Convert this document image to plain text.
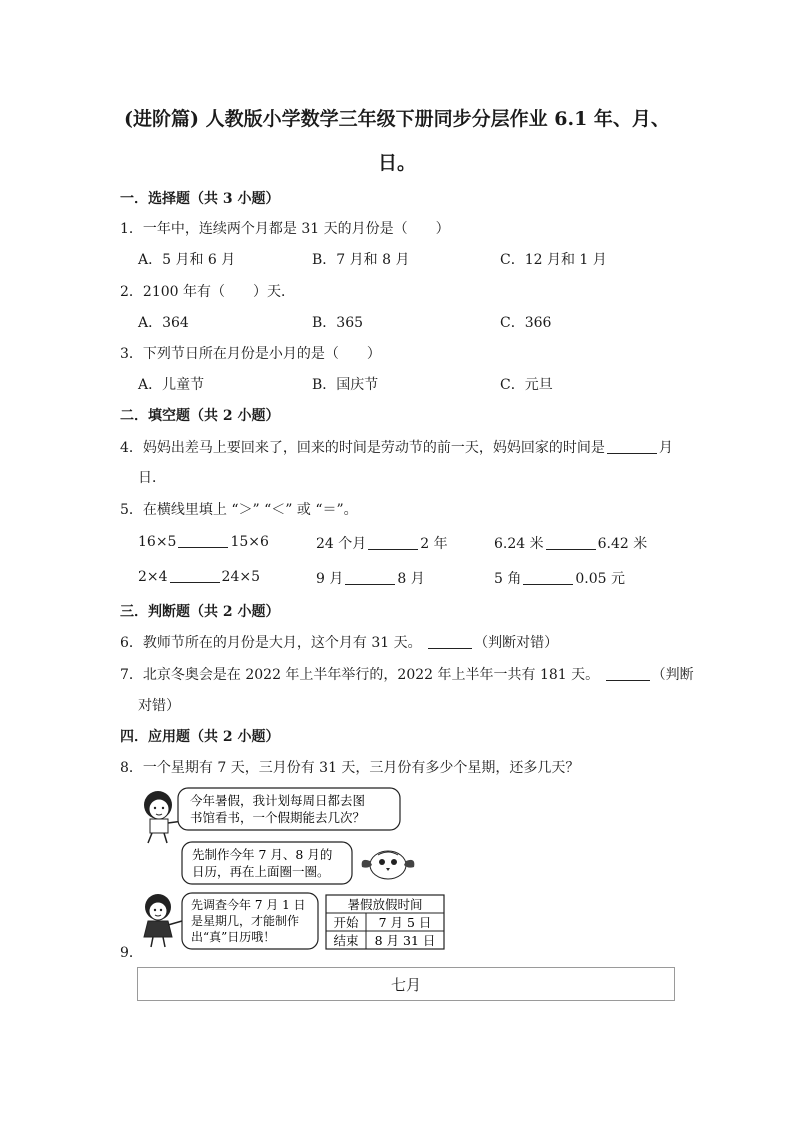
(进阶篇) 人教版小学数学三年级下册同步分层作业 6.1 年、月、
日。
一．选择题（共 3 小题）
1．一年中，连续两个月都是 31 天的月份是（　　）
A．5 月和 6 月	B．7 月和 8 月	C．12 月和 1 月
2．2100 年有（　　）天．
A．364	B．365	C．366
3．下列节日所在月份是小月的是（　　）
A．儿童节	B．国庆节	C．元旦
二．填空题（共 2 小题）
4．妈妈出差马上要回来了，回来的时间是劳动节的前一天，妈妈回家的时间是	月
日．
5．在横线里填上 “＞” “＜” 或 “＝”。
16×5	15×6	24 个月	2 年	6.24 米	6.42 米
2×4	24×5	9 月	8 月	5 角	0.05 元
三．判断题（共 2 小题）
6．教师节所在的月份是大月，这个月有 31 天。	（判断对错）
7．北京冬奥会是在 2022 年上半年举行的，2022 年上半年一共有 181 天。	（判断
对错）
四．应用题（共 2 小题）
8．一个星期有 7 天，三月份有 31 天，三月份有多少个星期，还多几天？
今年暑假，我计划每周日都去图
书馆看书，一个假期能去几次？
先制作今年 7 月、8 月的
日历，再在上面圈一圈。
先调查今年 7 月 1 日
是星期几，才能制作
出“真”日历哦！
暑假放假时间
开始 7 月 5 日
结束 8 月 31 日
9．
七月
